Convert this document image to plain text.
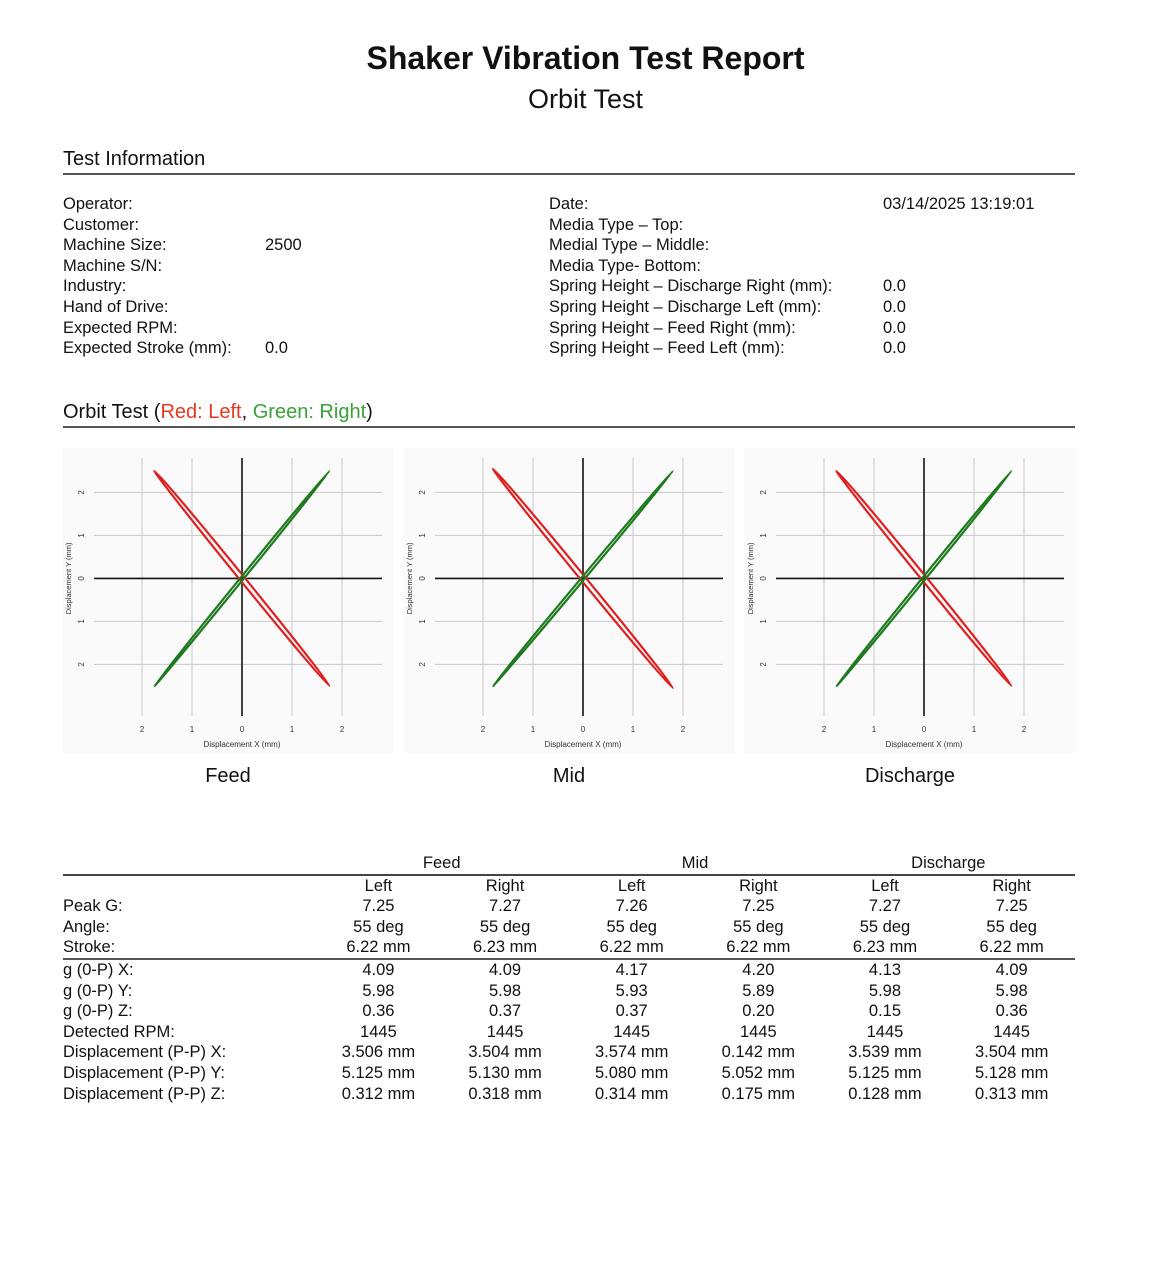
Shaker Vibration Test Report
Orbit Test
Test Information
Operator:
Customer:
Machine Size:	2500
Machine S/N:
Industry:
Hand of Drive:
Expected RPM:
Expected Stroke (mm): 0.0
Date:	03/14/2025 13:19:01
Media Type – Top:
Medial Type – Middle:
Media Type- Bottom:
Spring Height – Discharge Right (mm):	0.0
Spring Height – Discharge Left (mm):	0.0
Spring Height – Feed Right (mm):	0.0
Spring Height – Feed Left (mm):	0.0
Orbit Test (Red: Left, Green: Right)
2	1	0	1	2
2
1
0
1
2
Displacement X (mm)
Displacement Y (mm)
2	1	0	1	2
2
1
0
1
2
Displacement X (mm)
Displacement Y (mm)
2	1	0	1	2
2
1
0
1
2
Displacement X (mm)
Displacement Y (mm)
Feed	Mid	Discharge
	Feed		Mid		Discharge	
	Left	Right	Left	Right	Left	Right
Peak G:	7.25	7.27	7.26	7.25	7.27	7.25
Angle:	55 deg	55 deg	55 deg	55 deg	55 deg	55 deg
Stroke:	6.22 mm	6.23 mm	6.22 mm	6.22 mm	6.23 mm	6.22 mm
g (0-P) X:	4.09	4.09	4.17	4.20	4.13	4.09
g (0-P) Y:	5.98	5.98	5.93	5.89	5.98	5.98
g (0-P) Z:	0.36	0.37	0.37	0.20	0.15	0.36
Detected RPM:	1445	1445	1445	1445	1445	1445
Displacement (P-P) X:	3.506 mm	3.504 mm	3.574 mm	0.142 mm	3.539 mm	3.504 mm
Displacement (P-P) Y:	5.125 mm	5.130 mm	5.080 mm	5.052 mm	5.125 mm	5.128 mm
Displacement (P-P) Z:	0.312 mm	0.318 mm	0.314 mm	0.175 mm	0.128 mm	0.313 mm
